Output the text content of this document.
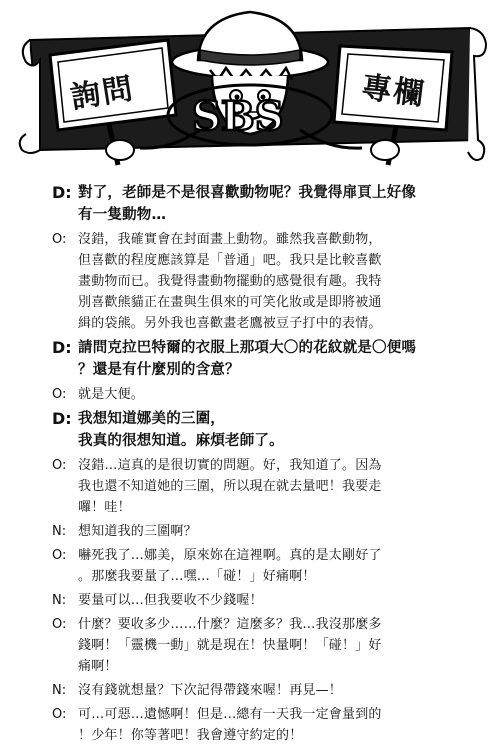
SBS
詢問	專欄
D: 對了，老師是不是很喜歡動物呢？我覺得扉頁上好像
有一隻動物…
O: 沒錯，我確實會在封面畫上動物。雖然我喜歡動物，
但喜歡的程度應該算是「普通」吧。我只是比較喜歡
畫動物而已。我覺得畫動物擺動的感覺很有趣。我特
別喜歡熊貓正在畫與生俱來的可笑化妝或是即將被通
緝的袋熊。另外我也喜歡畫老鷹被豆子打中的表情。
D: 請問克拉巴特爾的衣服上那項大〇的花紋就是〇便嗎
？還是有什麼別的含意？
O: 就是大便。
D: 我想知道娜美的三圍，
我真的很想知道。麻煩老師了。
O: 沒錯…這真的是很切實的問題。好，我知道了。因為
我也還不知道她的三圍，所以現在就去量吧！我要走
囉！哇！
N: 想知道我的三圍啊？
O: 嚇死我了…娜美，原來妳在這裡啊。真的是太剛好了
。那麼我要量了…嘿…「碰！」好痛啊！
N: 要量可以…但我要收不少錢喔！
O: 什麼？要收多少……什麼？這麼多？我…我沒那麼多
錢啊！「靈機一動」就是現在！快量啊！「碰！」好
痛啊！
N: 沒有錢就想量？下次記得帶錢來喔！再見—！
O: 可…可惡…遺憾啊！但是…總有一天我一定會量到的
！少年！你等著吧！我會遵守約定的！
